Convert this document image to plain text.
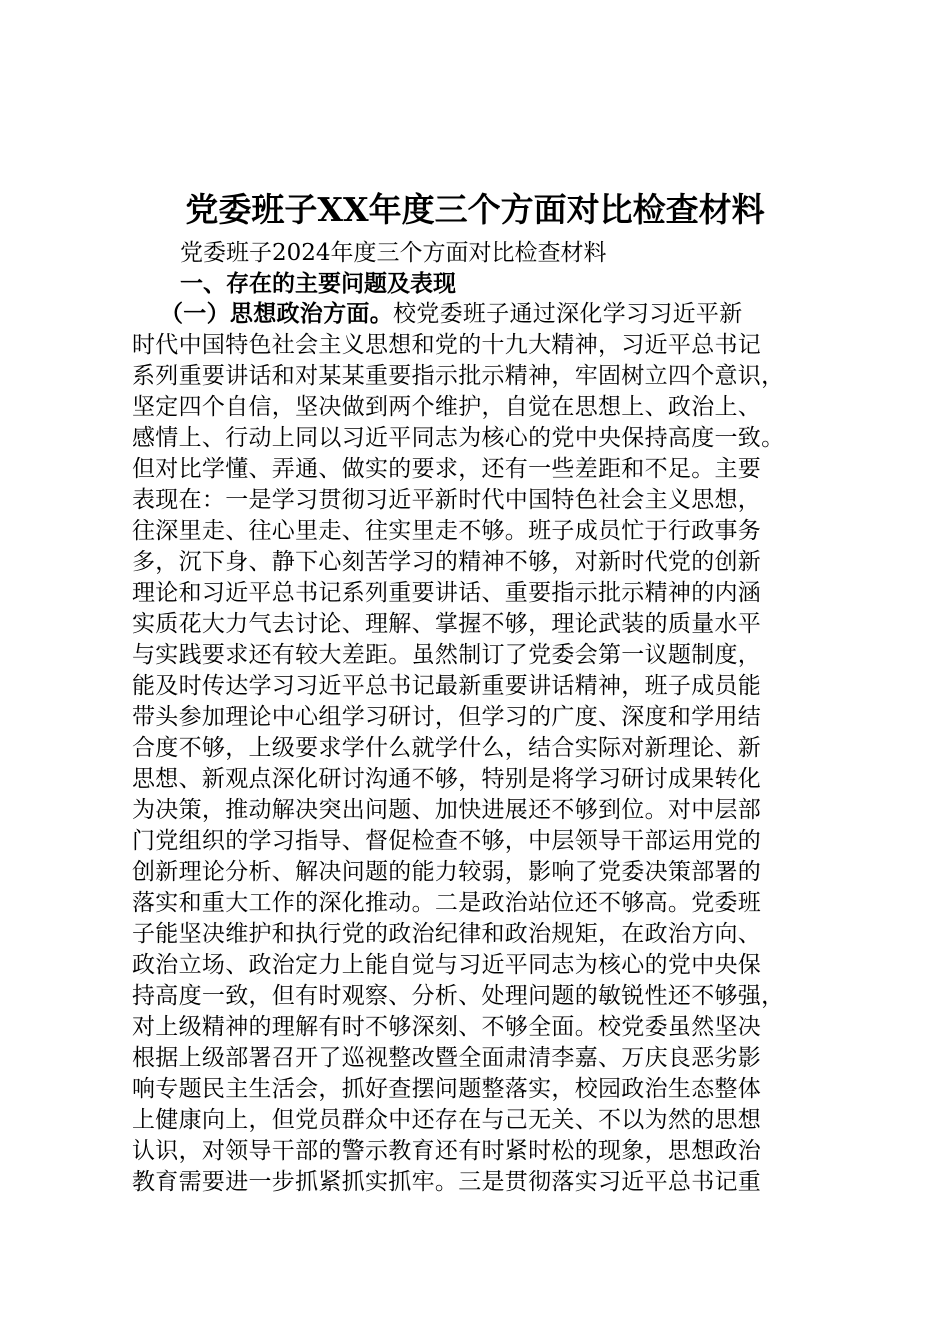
党委班子XX年度三个方面对比检查材料
党委班子2024年度三个方面对比检查材料
一、存在的主要问题及表现
（一）思想政治方面。校党委班子通过深化学习习近平新
时代中国特色社会主义思想和党的十九大精神，习近平总书记
系列重要讲话和对某某重要指示批示精神，牢固树立四个意识，
坚定四个自信，坚决做到两个维护，自觉在思想上、政治上、
感情上、行动上同以习近平同志为核心的党中央保持高度一致。
但对比学懂、弄通、做实的要求，还有一些差距和不足。主要
表现在：一是学习贯彻习近平新时代中国特色社会主义思想，
往深里走、往心里走、往实里走不够。班子成员忙于行政事务
多，沉下身、静下心刻苦学习的精神不够，对新时代党的创新
理论和习近平总书记系列重要讲话、重要指示批示精神的内涵
实质花大力气去讨论、理解、掌握不够，理论武装的质量水平
与实践要求还有较大差距。虽然制订了党委会第一议题制度，
能及时传达学习习近平总书记最新重要讲话精神，班子成员能
带头参加理论中心组学习研讨，但学习的广度、深度和学用结
合度不够，上级要求学什么就学什么，结合实际对新理论、新
思想、新观点深化研讨沟通不够，特别是将学习研讨成果转化
为决策，推动解决突出问题、加快进展还不够到位。对中层部
门党组织的学习指导、督促检查不够，中层领导干部运用党的
创新理论分析、解决问题的能力较弱，影响了党委决策部署的
落实和重大工作的深化推动。二是政治站位还不够高。党委班
子能坚决维护和执行党的政治纪律和政治规矩，在政治方向、
政治立场、政治定力上能自觉与习近平同志为核心的党中央保
持高度一致，但有时观察、分析、处理问题的敏锐性还不够强，
对上级精神的理解有时不够深刻、不够全面。校党委虽然坚决
根据上级部署召开了巡视整改暨全面肃清李嘉、万庆良恶劣影
响专题民主生活会，抓好查摆问题整落实，校园政治生态整体
上健康向上，但党员群众中还存在与己无关、不以为然的思想
认识，对领导干部的警示教育还有时紧时松的现象，思想政治
教育需要进一步抓紧抓实抓牢。三是贯彻落实习近平总书记重
